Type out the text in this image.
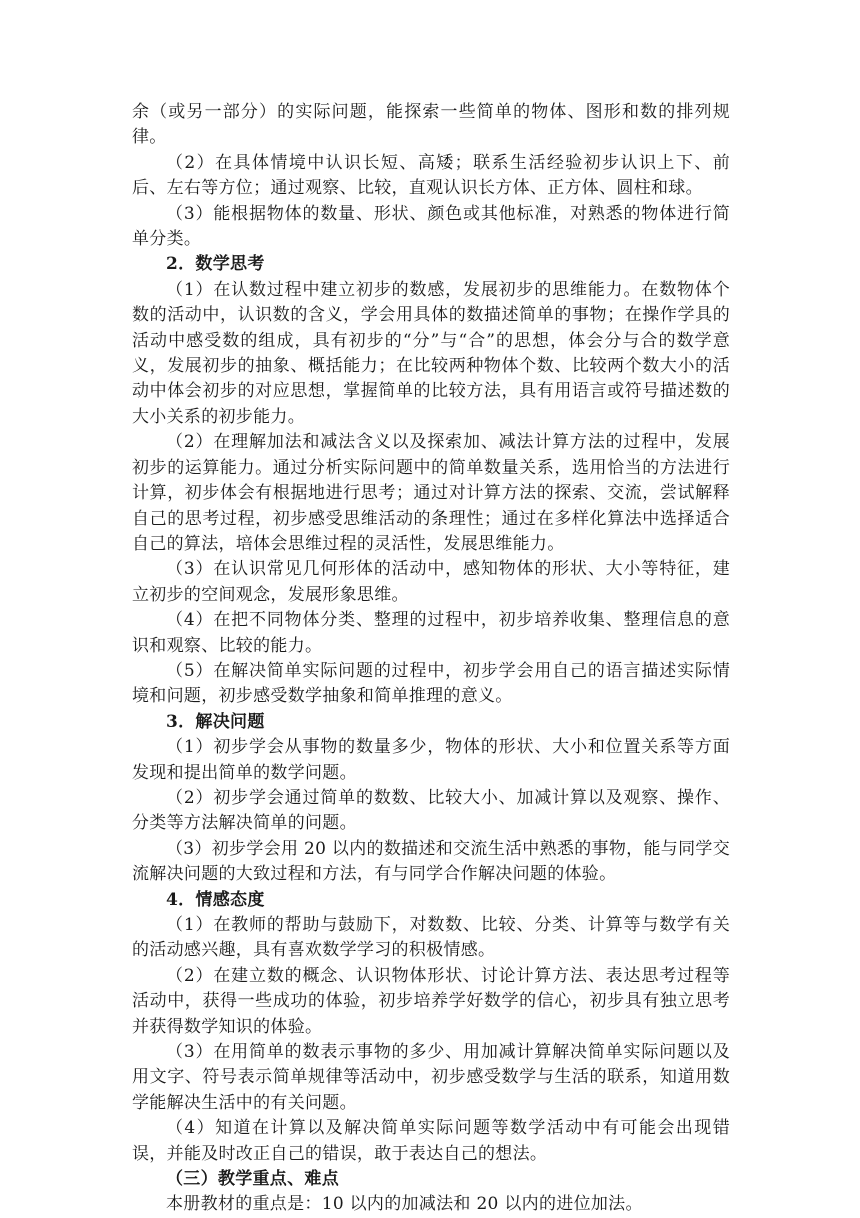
余（或另一部分）的实际问题，能探索一些简单的物体、图形和数的排列规律。

（2）在具体情境中认识长短、高矮；联系生活经验初步认识上下、前后、左右等方位；通过观察、比较，直观认识长方体、正方体、圆柱和球。

（3）能根据物体的数量、形状、颜色或其他标准，对熟悉的物体进行简单分类。

2．数学思考

（1）在认数过程中建立初步的数感，发展初步的思维能力。在数物体个数的活动中，认识数的含义，学会用具体的数描述简单的事物；在操作学具的活动中感受数的组成，具有初步的“分”与“合”的思想，体会分与合的数学意义，发展初步的抽象、概括能力；在比较两种物体个数、比较两个数大小的活动中体会初步的对应思想，掌握简单的比较方法，具有用语言或符号描述数的大小关系的初步能力。

（2）在理解加法和减法含义以及探索加、减法计算方法的过程中，发展初步的运算能力。通过分析实际问题中的简单数量关系，选用恰当的方法进行计算，初步体会有根据地进行思考；通过对计算方法的探索、交流，尝试解释自己的思考过程，初步感受思维活动的条理性；通过在多样化算法中选择适合自己的算法，培体会思维过程的灵活性，发展思维能力。

（3）在认识常见几何形体的活动中，感知物体的形状、大小等特征，建立初步的空间观念，发展形象思维。

（4）在把不同物体分类、整理的过程中，初步培养收集、整理信息的意识和观察、比较的能力。

（5）在解决简单实际问题的过程中，初步学会用自己的语言描述实际情境和问题，初步感受数学抽象和简单推理的意义。

3．解决问题

（1）初步学会从事物的数量多少，物体的形状、大小和位置关系等方面发现和提出简单的数学问题。

（2）初步学会通过简单的数数、比较大小、加减计算以及观察、操作、分类等方法解决简单的问题。

（3）初步学会用 20 以内的数描述和交流生活中熟悉的事物，能与同学交流解决问题的大致过程和方法，有与同学合作解决问题的体验。

4．情感态度

（1）在教师的帮助与鼓励下，对数数、比较、分类、计算等与数学有关的活动感兴趣，具有喜欢数学学习的积极情感。

（2）在建立数的概念、认识物体形状、讨论计算方法、表达思考过程等活动中，获得一些成功的体验，初步培养学好数学的信心，初步具有独立思考并获得数学知识的体验。

（3）在用简单的数表示事物的多少、用加减计算解决简单实际问题以及用文字、符号表示简单规律等活动中，初步感受数学与生活的联系，知道用数学能解决生活中的有关问题。

（4）知道在计算以及解决简单实际问题等数学活动中有可能会出现错误，并能及时改正自己的错误，敢于表达自己的想法。

（三）教学重点、难点

本册教材的重点是：10 以内的加减法和 20 以内的进位加法。
